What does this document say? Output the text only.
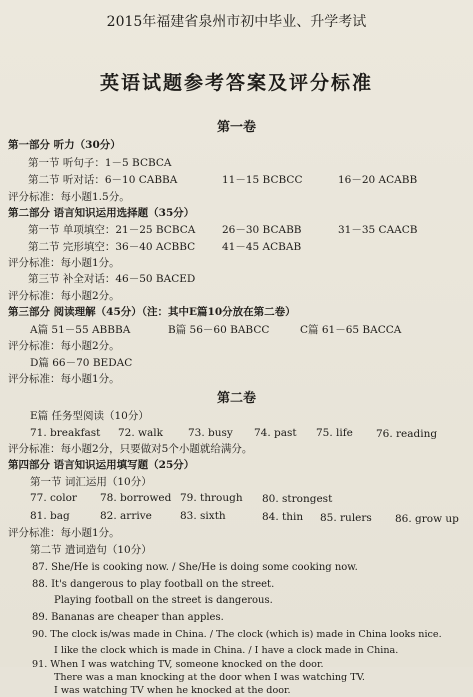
2015年福建省泉州市初中毕业、升学考试
英语试题参考答案及评分标准
第一卷
第一部分 听力（30分）
第一节 听句子：1－5 BCBCA
第二节 听对话：6－10 CABBA	11－15 BCBCC	16－20 ACABB
评分标准：每小题1.5分。
第二部分 语言知识运用选择题（35分）
第一节 单项填空：21－25 BCBCA	26－30 BCABB	31－35 CAACB
第二节 完形填空：36－40 ACBBC	41－45 ACBAB
评分标准：每小题1分。
第三节 补全对话：46－50 BACED
评分标准：每小题2分。
第三部分 阅读理解（45分）（注：其中E篇10分放在第二卷）
A篇 51－55 ABBBA	B篇 56－60 BABCC	C篇 61－65 BACCA
评分标准：每小题2分。
D篇 66－70 BEDAC
评分标准：每小题1分。
第二卷
E篇 任务型阅读（10分）
71. breakfast 72. walk 73. busy 74. past 75. life 76. reading
评分标准：每小题2分，只要做对5个小题就给满分。
第四部分 语言知识运用填写题（25分）
第一节 词汇运用（10分）
77. color 78. borrowed 79. through 80. strongest
81. bag	82. arrive	83. sixth	84. thin 85. rulers 86. grow up
评分标准：每小题1分。
第二节 遣词造句（10分）
87. She/He is cooking now. / She/He is doing some cooking now.
88. It's dangerous to play football on the street.
Playing football on the street is dangerous.
89. Bananas are cheaper than apples.
90. The clock is/was made in China. / The clock (which is) made in China looks nice.
I like the clock which is made in China. / I have a clock made in China.
91. When I was watching TV, someone knocked on the door.
There was a man knocking at the door when I was watching TV.
I was watching TV when he knocked at the door.
